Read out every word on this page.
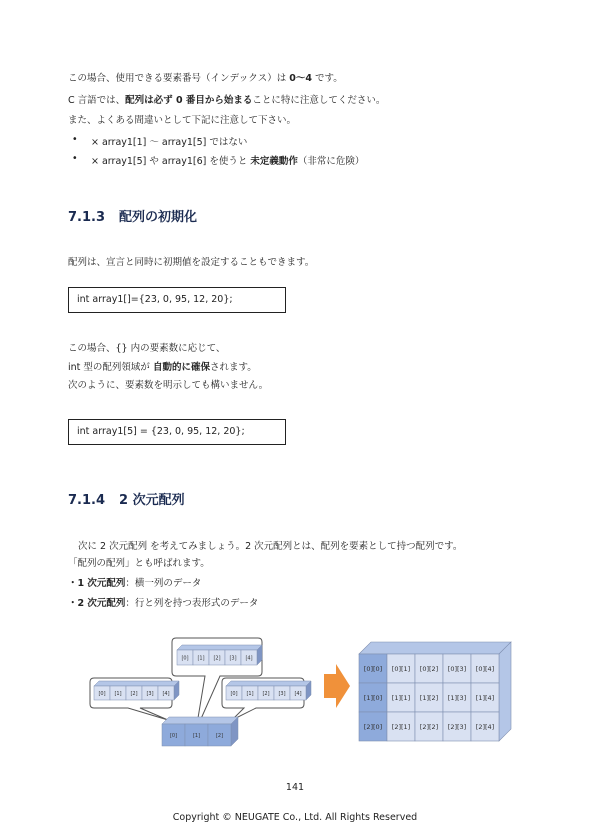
この場合、使用できる要素番号（インデックス）は 0〜4 です。
C 言語では、配列は必ず 0 番目から始まることに特に注意してください。
また、よくある間違いとして下記に注意して下さい。
• × array1[1] 〜 array1[5] ではない
• × array1[5] や array1[6] を使うと 未定義動作（非常に危険）
7.1.3 配列の初期化
配列は、宣言と同時に初期値を設定することもできます。
int array1[]={23, 0, 95, 12, 20};
この場合、{} 内の要素数に応じて、
int 型の配列領域が 自動的に確保されます。
次のように、要素数を明示しても構いません。
int array1[5] = {23, 0, 95, 12, 20};
7.1.4 2 次元配列
次に 2 次元配列 を考えてみましょう。2 次元配列とは、配列を要素として持つ配列です。
「配列の配列」とも呼ばれます。
・1 次元配列：横一列のデータ
・2 次元配列：行と列を持つ表形式のデータ
[0] [1] [2] [3] [4]
[0] [1] [2] [3] [4]	[0] [1] [2] [3] [4]
[0]	[1]	[2]
[0][0] [0][1] [0][2] [0][3] [0][4]
[1][0] [1][1] [1][2] [1][3] [1][4]
[2][0] [2][1] [2][2] [2][3] [2][4]
141
Copyright © NEUGATE Co., Ltd. All Rights Reserved
